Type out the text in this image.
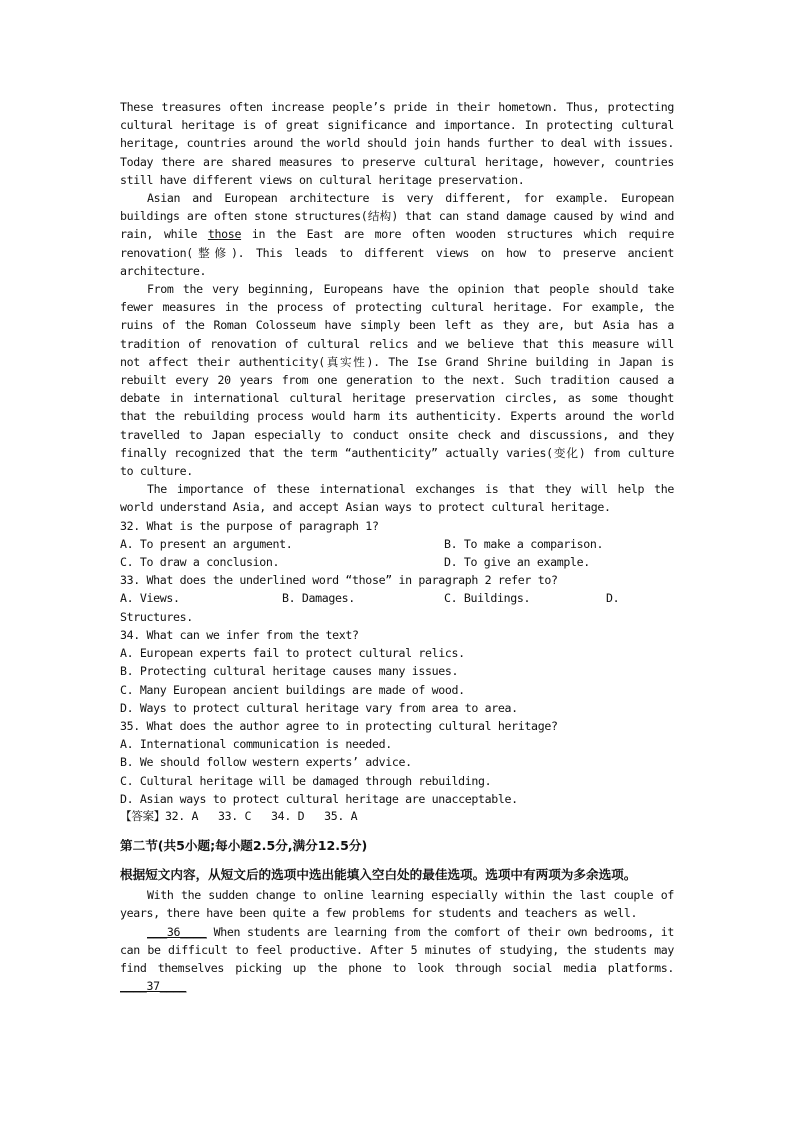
These treasures often increase people’s pride in their hometown. Thus, protecting cultural heritage is of great significance and importance. In protecting cultural heritage, countries around the world should join hands further to deal with issues. Today there are shared measures to preserve cultural heritage, however, countries still have different views on cultural heritage preservation.

Asian and European architecture is very different, for example. European buildings are often stone structures(结构) that can stand damage caused by wind and rain, while those in the East are more often wooden structures which require renovation(整修). This leads to different views on how to preserve ancient architecture.

From the very beginning, Europeans have the opinion that people should take fewer measures in the process of protecting cultural heritage. For example, the ruins of the Roman Colosseum have simply been left as they are, but Asia has a tradition of renovation of cultural relics and we believe that this measure will not affect their authenticity(真实性). The Ise Grand Shrine building in Japan is rebuilt every 20 years from one generation to the next. Such tradition caused a debate in international cultural heritage preservation circles, as some thought that the rebuilding process would harm its authenticity. Experts around the world travelled to Japan especially to conduct onsite check and discussions, and they finally recognized that the term “authenticity” actually varies(变化) from culture to culture.

The importance of these international exchanges is that they will help the world understand Asia, and accept Asian ways to protect cultural heritage.

32. What is the purpose of paragraph 1?

A. To present an argument.	B. To make a comparison.
C. To draw a conclusion.	D. To give an example.

33. What does the underlined word “those” in paragraph 2 refer to?

A. Views.	B. Damages.	C. Buildings.	D.

Structures.

34. What can we infer from the text?

A. European experts fail to protect cultural relics.

B. Protecting cultural heritage causes many issues.

C. Many European ancient buildings are made of wood.

D. Ways to protect cultural heritage vary from area to area.

35. What does the author agree to in protecting cultural heritage?

A. International communication is needed.

B. We should follow western experts’ advice.

C. Cultural heritage will be damaged through rebuilding.

D. Asian ways to protect cultural heritage are unacceptable.

【答案】32. A   33. C   34. D   35. A

第二节(共5小题;每小题2.5分,满分12.5分)

根据短文内容，从短文后的选项中选出能填入空白处的最佳选项。选项中有两项为多余选项。

With the sudden change to online learning especially within the last couple of years, there have been quite a few problems for students and teachers as well.

___36____ When students are learning from the comfort of their own bedrooms, it can be difficult to feel productive. After 5 minutes of studying, the students may find themselves picking up the phone to look through social media platforms. ____37____
